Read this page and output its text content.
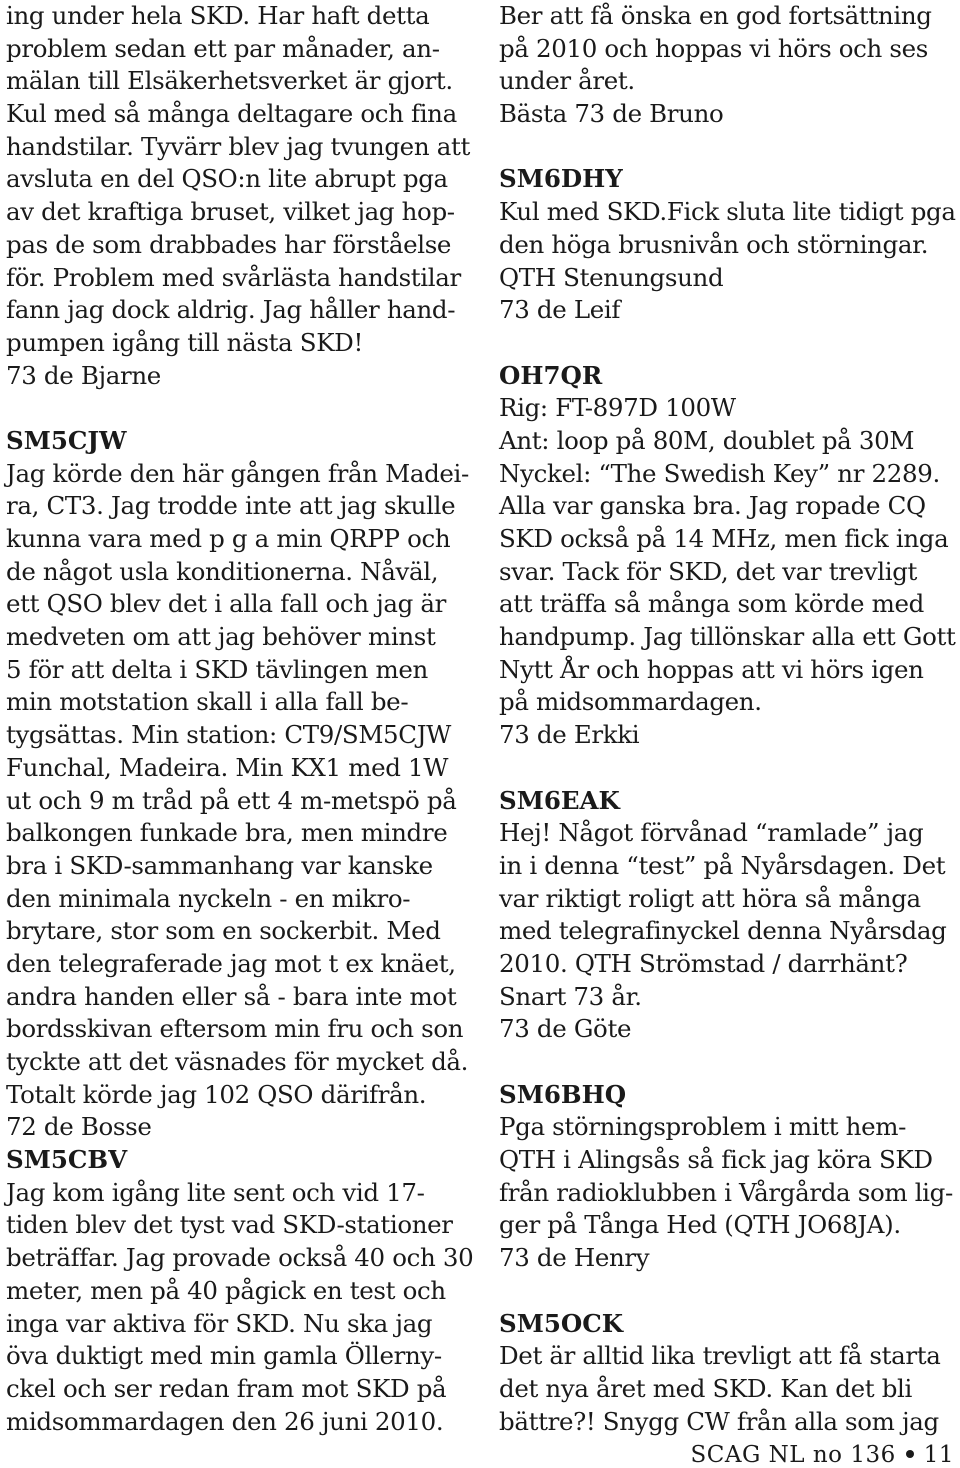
ing under hela SKD. Har haft detta
problem sedan ett par månader, an-
mälan till Elsäkerhetsverket är gjort.
Kul med så många deltagare och fina
handstilar. Tyvärr blev jag tvungen att
avsluta en del QSO:n lite abrupt pga
av det kraftiga bruset, vilket jag hop-
pas de som drabbades har förståelse
för. Problem med svårlästa handstilar
fann jag dock aldrig. Jag håller hand-
pumpen igång till nästa SKD!
73 de Bjarne
SM5CJW
Jag körde den här gången från Madei-
ra, CT3. Jag trodde inte att jag skulle
kunna vara med p g a min QRPP och
de något usla konditionerna. Nåväl,
ett QSO blev det i alla fall och jag är
medveten om att jag behöver minst
5 för att delta i SKD tävlingen men
min motstation skall i alla fall be-
tygsättas. Min station: CT9/SM5CJW
Funchal, Madeira. Min KX1 med 1W
ut och 9 m tråd på ett 4 m-metspö på
balkongen funkade bra, men mindre
bra i SKD-sammanhang var kanske
den minimala nyckeln - en mikro-
brytare, stor som en sockerbit. Med
den telegraferade jag mot t ex knäet,
andra handen eller så - bara inte mot
bordsskivan eftersom min fru och son
tyckte att det väsnades för mycket då.
Totalt körde jag 102 QSO därifrån.
72 de Bosse
SM5CBV
Jag kom igång lite sent och vid 17-
tiden blev det tyst vad SKD-stationer
beträffar. Jag provade också 40 och 30
meter, men på 40 pågick en test och
inga var aktiva för SKD. Nu ska jag
öva duktigt med min gamla Öllerny-
ckel och ser redan fram mot SKD på
midsommardagen den 26 juni 2010.
Ber att få önska en god fortsättning
på 2010 och hoppas vi hörs och ses
under året.
Bästa 73 de Bruno
SM6DHY
Kul med SKD.Fick sluta lite tidigt pga
den höga brusnivån och störningar.
QTH Stenungsund
73 de Leif
OH7QR
Rig: FT-897D 100W
Ant: loop på 80M, doublet på 30M
Nyckel: “The Swedish Key” nr 2289.
Alla var ganska bra. Jag ropade CQ
SKD också på 14 MHz, men fick inga
svar. Tack för SKD, det var trevligt
att träffa så många som körde med
handpump. Jag tillönskar alla ett Gott
Nytt År och hoppas att vi hörs igen
på midsommardagen.
73 de Erkki
SM6EAK
Hej! Något förvånad “ramlade” jag
in i denna “test” på Nyårsdagen. Det
var riktigt roligt att höra så många
med telegrafinyckel denna Nyårsdag
2010. QTH Strömstad / darrhänt?
Snart 73 år.
73 de Göte
SM6BHQ
Pga störningsproblem i mitt hem-
QTH i Alingsås så fick jag köra SKD
från radioklubben i Vårgårda som lig-
ger på Tånga Hed (QTH JO68JA).
73 de Henry
SM5OCK
Det är alltid lika trevligt att få starta
det nya året med SKD. Kan det bli
bättre?! Snygg CW från alla som jag
SCAG NL no 136 11
